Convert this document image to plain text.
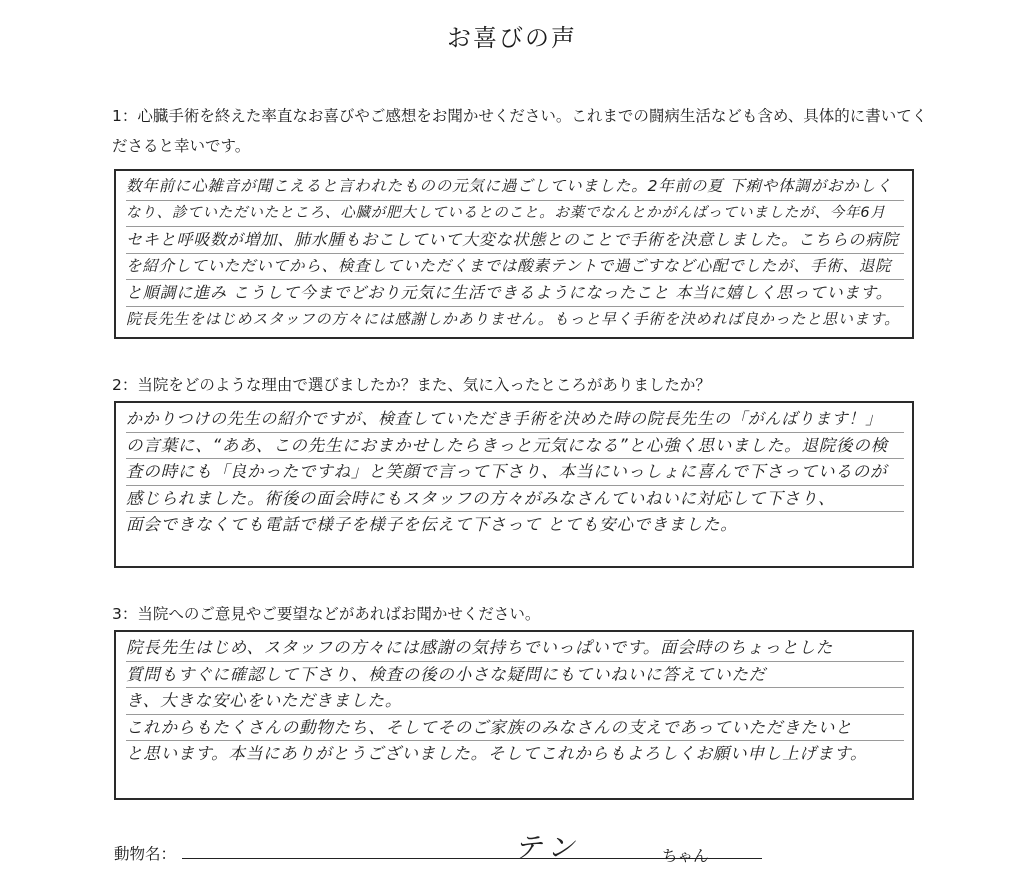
お喜びの声
1：心臓手術を終えた率直なお喜びやご感想をお聞かせください。これまでの闘病生活なども含め、具体的に書いてくださると幸いです。
数年前に心雑音が聞こえると言われたものの元気に過ごしていました。2年前の夏 下痢や体調がおかしく
なり、診ていただいたところ、心臓が肥大しているとのこと。お薬でなんとかがんばっていましたが、今年6月
セキと呼吸数が増加、肺水腫もおこしていて大変な状態とのことで手術を決意しました。こちらの病院
を紹介していただいてから、検査していただくまでは酸素テントで過ごすなど心配でしたが、手術、退院
と順調に進み こうして今までどおり元気に生活できるようになったこと 本当に嬉しく思っています。
院長先生をはじめスタッフの方々には感謝しかありません。もっと早く手術を決めれば良かったと思います。
2：当院をどのような理由で選びましたか？また、気に入ったところがありましたか？
かかりつけの先生の紹介ですが、検査していただき手術を決めた時の院長先生の「がんばります！」
の言葉に、“ああ、この先生におまかせしたらきっと元気になる”と心強く思いました。退院後の検
査の時にも「良かったですね」と笑顔で言って下さり、本当にいっしょに喜んで下さっているのが
感じられました。術後の面会時にもスタッフの方々がみなさんていねいに対応して下さり、
面会できなくても電話で様子を様子を伝えて下さって とても安心できました。
3：当院へのご意見やご要望などがあればお聞かせください。
院長先生はじめ、スタッフの方々には感謝の気持ちでいっぱいです。面会時のちょっとした
質問もすぐに確認して下さり、検査の後の小さな疑問にもていねいに答えていただ
き、大きな安心をいただきました。
これからもたくさんの動物たち、そしてそのご家族のみなさんの支えであっていただきたいと
と思います。本当にありがとうございました。そしてこれからもよろしくお願い申し上げます。
動物名：	テン	ちゃん
